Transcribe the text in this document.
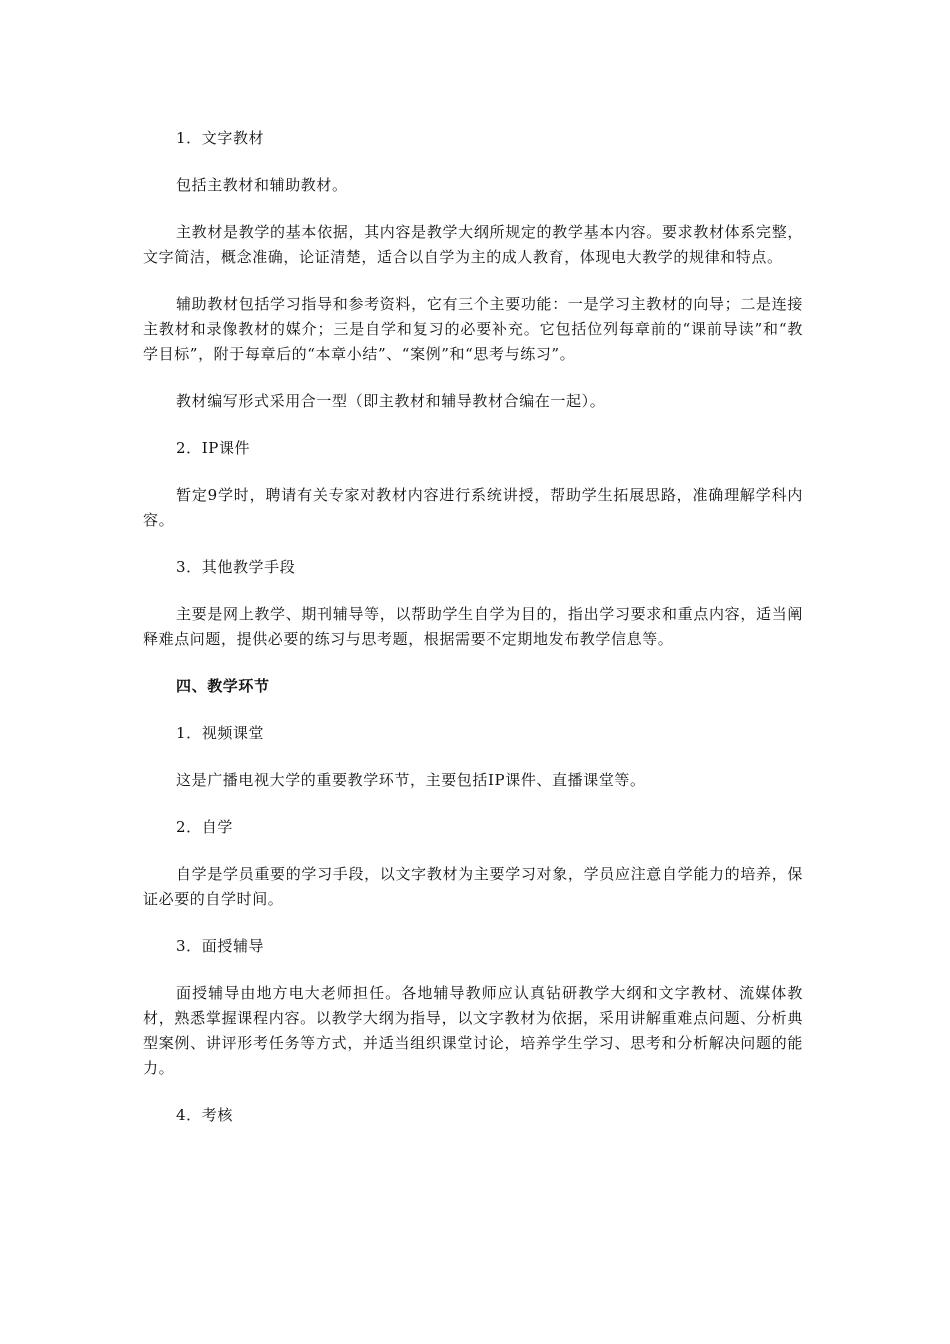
1．文字教材

包括主教材和辅助教材。

主教材是教学的基本依据，其内容是教学大纲所规定的教学基本内容。要求教材体系完整，文字简洁，概念准确，论证清楚，适合以自学为主的成人教育，体现电大教学的规律和特点。

辅助教材包括学习指导和参考资料，它有三个主要功能：一是学习主教材的向导；二是连接主教材和录像教材的媒介；三是自学和复习的必要补充。它包括位列每章前的“课前导读”和“教学目标”，附于每章后的“本章小结”、“案例”和“思考与练习”。

教材编写形式采用合一型（即主教材和辅导教材合编在一起）。

2．IP课件

暂定9学时，聘请有关专家对教材内容进行系统讲授，帮助学生拓展思路，准确理解学科内容。

3．其他教学手段

主要是网上教学、期刊辅导等，以帮助学生自学为目的，指出学习要求和重点内容，适当阐释难点问题，提供必要的练习与思考题，根据需要不定期地发布教学信息等。

四、教学环节

1．视频课堂

这是广播电视大学的重要教学环节，主要包括IP课件、直播课堂等。

2．自学

自学是学员重要的学习手段，以文字教材为主要学习对象，学员应注意自学能力的培养，保证必要的自学时间。

3．面授辅导

面授辅导由地方电大老师担任。各地辅导教师应认真钻研教学大纲和文字教材、流媒体教材，熟悉掌握课程内容。以教学大纲为指导，以文字教材为依据，采用讲解重难点问题、分析典型案例、讲评形考任务等方式，并适当组织课堂讨论，培养学生学习、思考和分析解决问题的能力。

4．考核
